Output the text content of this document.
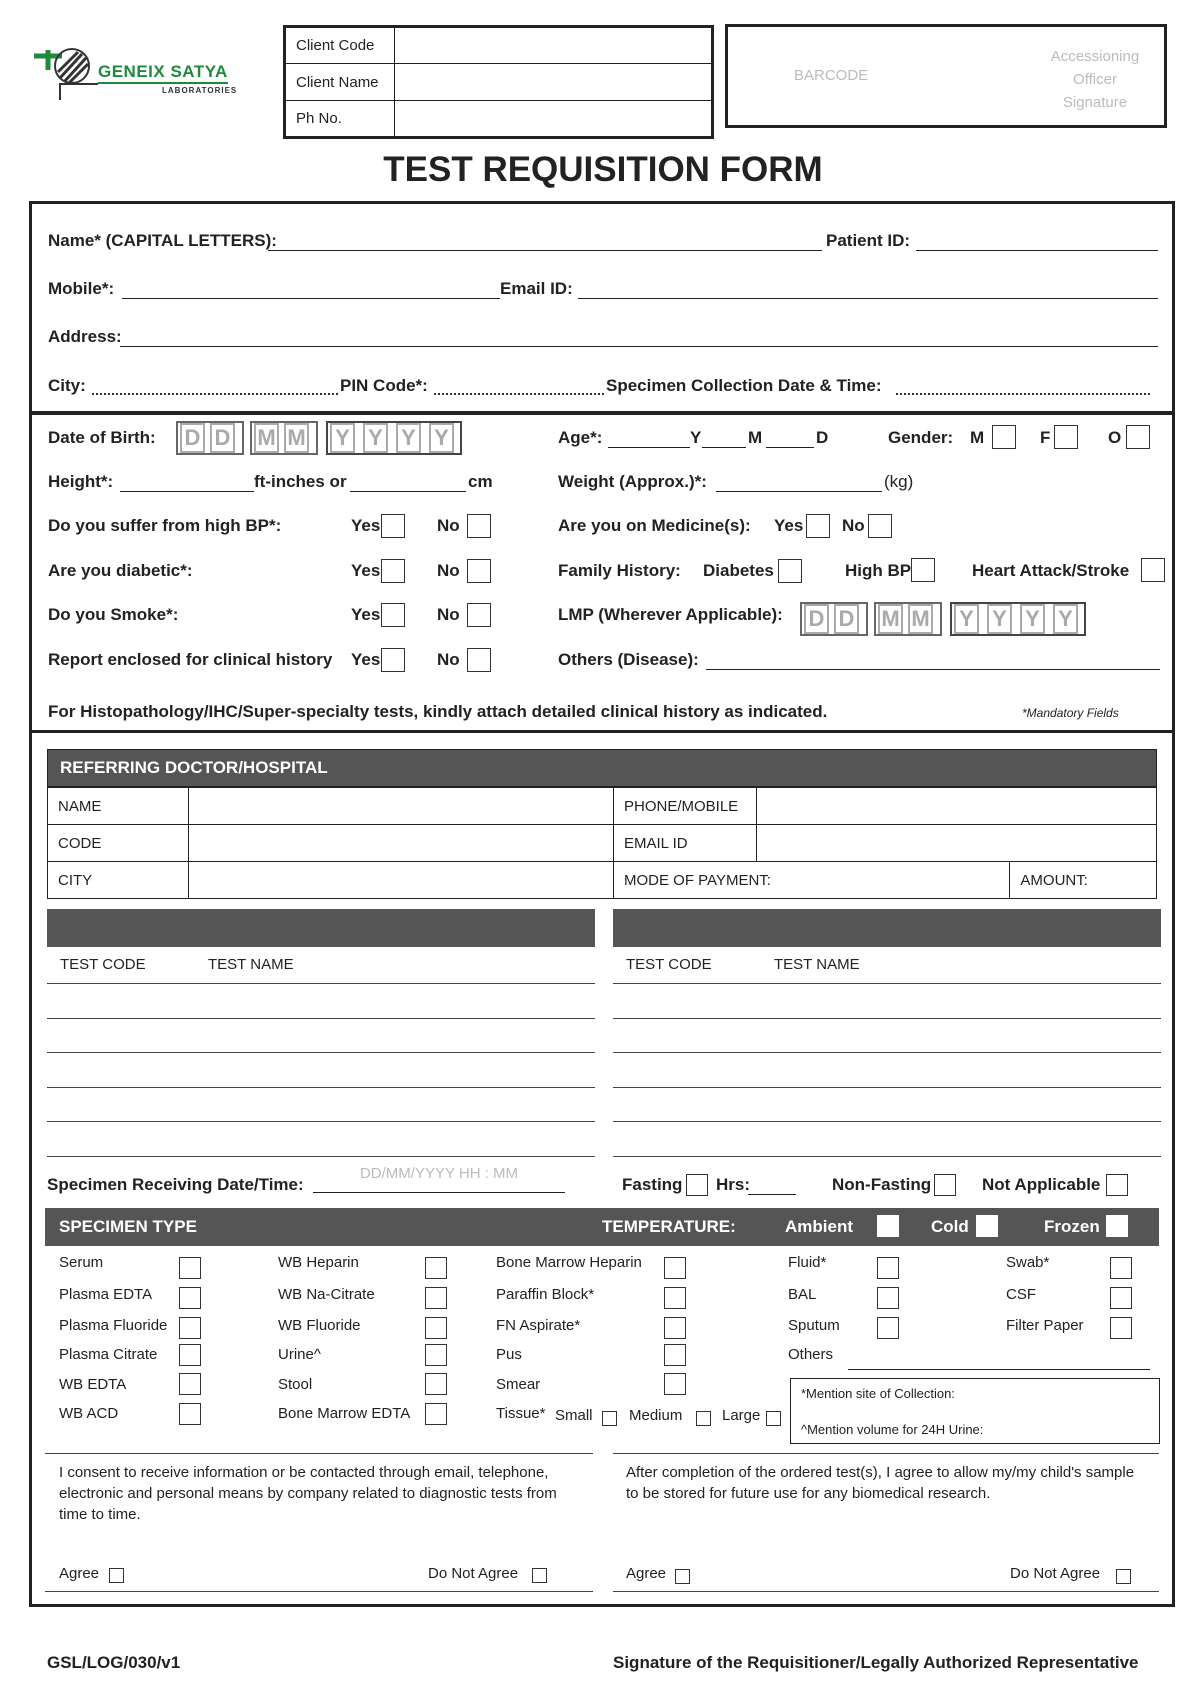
GENEIX SATYA
LABORATORIES
Client Code	
Client Name	
Ph No.	
BARCODE
Accessioning
Officer
Signature
TEST REQUISITION FORM
Name* (CAPITAL LETTERS):	Patient ID:
Mobile*:	Email ID:
Address:
City:	PIN Code*:	Specimen Collection Date & Time:
Date of Birth: D D M M Y Y Y Y	Age*:	Y	M	D	Gender: M	F	O
Height*:	ft-inches or	cm	Weight (Approx.)*:	(kg)
Do you suffer from high BP*:	Yes	No
Are you diabetic*:	Yes	No
Do you Smoke*:	Yes	No
Report enclosed for clinical history Yes	No
Are you on Medicine(s): Yes No
Family History: Diabetes	High BP	Heart Attack/Stroke
LMP (Wherever Applicable): D D M M Y Y Y Y
Others (Disease):
For Histopathology/IHC/Super-specialty tests, kindly attach detailed clinical history as indicated.	*Mandatory Fields
REFERRING DOCTOR/HOSPITAL
NAME		PHONE/MOBILE		
CODE		EMAIL ID		
CITY		MODE OF PAYMENT:		AMOUNT:
TEST CODE	TEST NAME	TEST CODE	TEST NAME
Specimen Receiving Date/Time:
DD/MM/YYYY HH : MM
Fasting Hrs:	Non-Fasting	Not Applicable
SPECIMEN TYPE	TEMPERATURE:	Ambient	Cold	Frozen
Serum
Plasma EDTA
Plasma Fluoride
Plasma Citrate
WB EDTA
WB ACD
WB Heparin
WB Na-Citrate
WB Fluoride
Urine^
Stool
Bone Marrow EDTA
Bone Marrow Heparin
Paraffin Block*
FN Aspirate*
Pus
Smear
Tissue* Small Medium	Large
Fluid*
BAL
Sputum
Others
Swab*
CSF
Filter Paper
*Mention site of Collection:
^Mention volume for 24H Urine:
I consent to receive information or be contacted through email, telephone, electronic and personal means by company related to diagnostic tests from time to time.
After completion of the ordered test(s), I agree to allow my/my child's sample to be stored for future use for any biomedical research.
Agree	Do Not Agree	Agree	Do Not Agree
GSL/LOG/030/v1	Signature of the Requisitioner/Legally Authorized Representative
